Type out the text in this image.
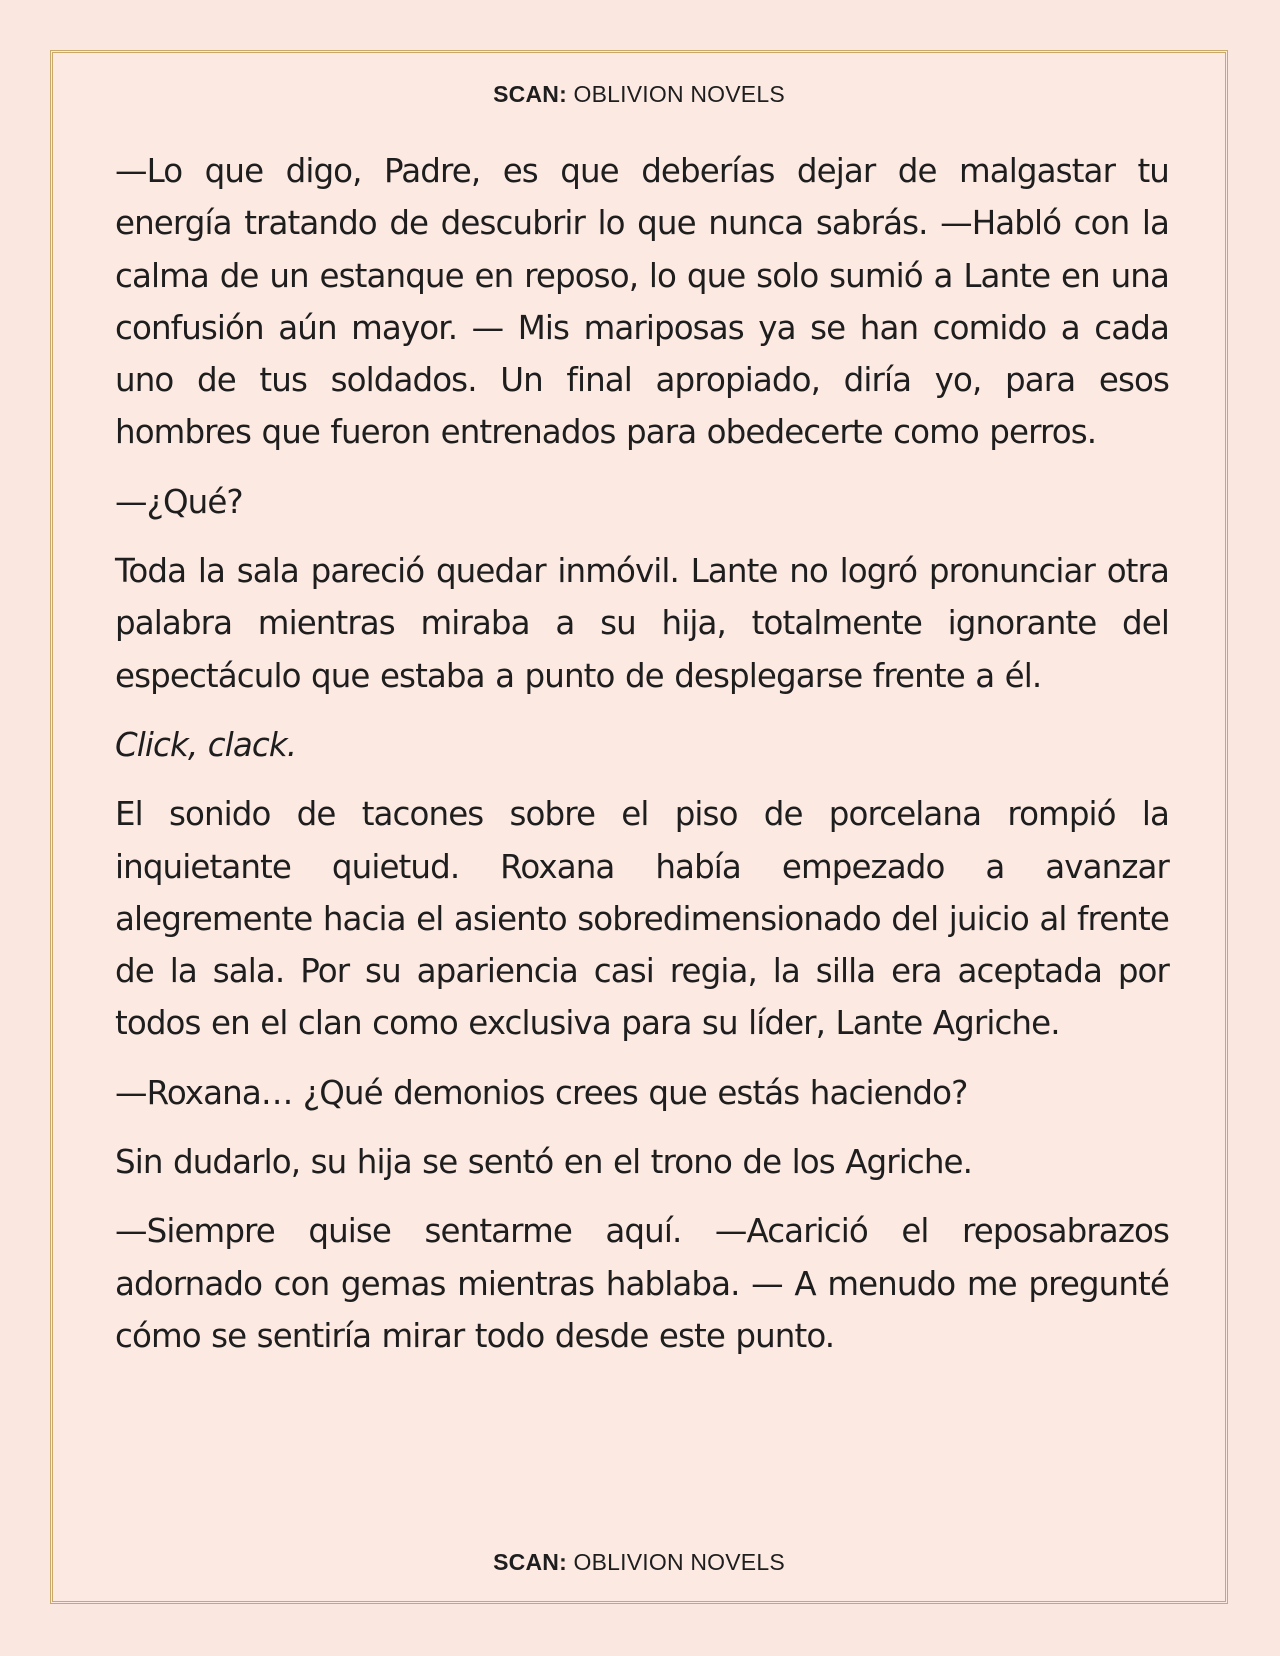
SCAN: OBLIVION NOVELS

—Lo que digo, Padre, es que deberías dejar de malgastar tu energía tratando de descubrir lo que nunca sabrás. —Habló con la calma de un estanque en reposo, lo que solo sumió a Lante en una confusión aún mayor. — Mis mariposas ya se han comido a cada uno de tus soldados. Un final apropiado, diría yo, para esos hombres que fueron entrenados para obedecerte como perros.

—¿Qué?

Toda la sala pareció quedar inmóvil. Lante no logró pronunciar otra palabra mientras miraba a su hija, totalmente ignorante del espectáculo que estaba a punto de desplegarse frente a él.

Click, clack.

El sonido de tacones sobre el piso de porcelana rompió la inquietante quietud. Roxana había empezado a avanzar alegremente hacia el asiento sobredimensionado del juicio al frente de la sala. Por su apariencia casi regia, la silla era aceptada por todos en el clan como exclusiva para su líder, Lante Agriche.

—Roxana… ¿Qué demonios crees que estás haciendo?

Sin dudarlo, su hija se sentó en el trono de los Agriche.

—Siempre quise sentarme aquí. —Acarició el reposabrazos adornado con gemas mientras hablaba. — A menudo me pregunté cómo se sentiría mirar todo desde este punto.

SCAN: OBLIVION NOVELS
